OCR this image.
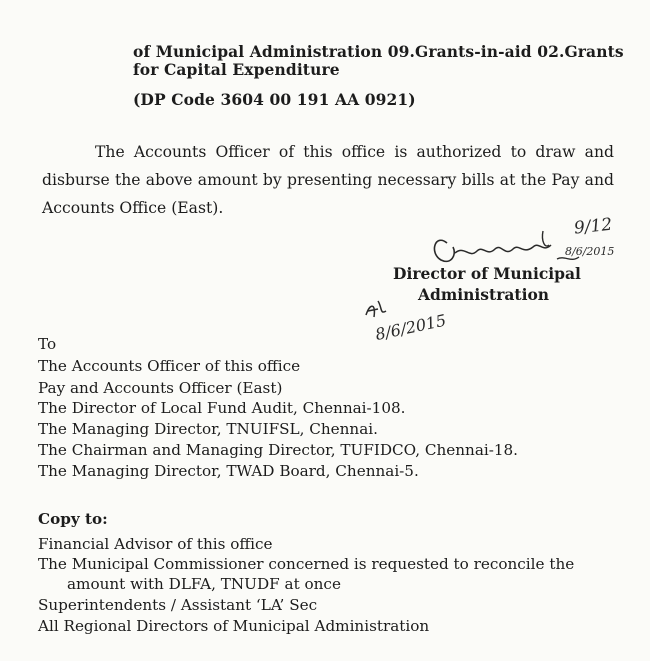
of Municipal Administration 09.Grants-in-aid 02.Grants
for Capital Expenditure
(DP Code 3604 00 191 AA 0921)
The Accounts Officer of this office is authorized to draw and disburse the above amount by presenting necessary bills at the Pay and Accounts Office (East).
8/6/2015
9/12
Director of Municipal
Administration
8/6/2015
To
The Accounts Officer of this office
Pay and Accounts Officer (East)
The Director of Local Fund Audit, Chennai-108.
The Managing Director, TNUIFSL, Chennai.
The Chairman and Managing Director, TUFIDCO, Chennai-18.
The Managing Director, TWAD Board, Chennai-5.
Copy to:
Financial Advisor of this office
The Municipal Commissioner concerned is requested to reconcile the
amount with DLFA, TNUDF at once
Superintendents / Assistant ‘LA’ Sec
All Regional Directors of Municipal Administration
